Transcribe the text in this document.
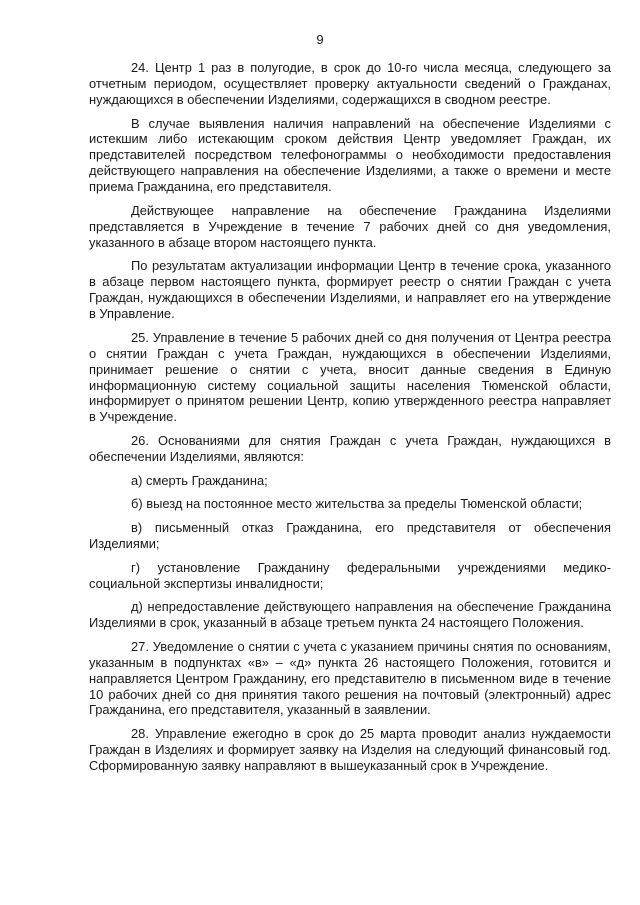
9

24. Центр 1 раз в полугодие, в срок до 10-го числа месяца, следующего за отчетным периодом, осуществляет проверку актуальности сведений о Гражданах, нуждающихся в обеспечении Изделиями, содержащихся в сводном реестре.

В случае выявления наличия направлений на обеспечение Изделиями с истекшим либо истекающим сроком действия Центр уведомляет Граждан, их представителей посредством телефонограммы о необходимости предоставления действующего направления на обеспечение Изделиями, а также о времени и месте приема Гражданина, его представителя.

Действующее направление на обеспечение Гражданина Изделиями представляется в Учреждение в течение 7 рабочих дней со дня уведомления, указанного в абзаце втором настоящего пункта.

По результатам актуализации информации Центр в течение срока, указанного в абзаце первом настоящего пункта, формирует реестр о снятии Граждан с учета Граждан, нуждающихся в обеспечении Изделиями, и направляет его на утверждение в Управление.

25. Управление в течение 5 рабочих дней со дня получения от Центра реестра о снятии Граждан с учета Граждан, нуждающихся в обеспечении Изделиями, принимает решение о снятии с учета, вносит данные сведения в Единую информационную систему социальной защиты населения Тюменской области, информирует о принятом решении Центр, копию утвержденного реестра направляет в Учреждение.

26. Основаниями для снятия Граждан с учета Граждан, нуждающихся в обеспечении Изделиями, являются:

а) смерть Гражданина;

б) выезд на постоянное место жительства за пределы Тюменской области;

в) письменный отказ Гражданина, его представителя от обеспечения Изделиями;

г) установление Гражданину федеральными учреждениями медико-социальной экспертизы инвалидности;

д) непредоставление действующего направления на обеспечение Гражданина Изделиями в срок, указанный в абзаце третьем пункта 24 настоящего Положения.

27. Уведомление о снятии с учета с указанием причины снятия по основаниям, указанным в подпунктах «в» – «д» пункта 26 настоящего Положения, готовится и направляется Центром Гражданину, его представителю в письменном виде в течение 10 рабочих дней со дня принятия такого решения на почтовый (электронный) адрес Гражданина, его представителя, указанный в заявлении.

28. Управление ежегодно в срок до 25 марта проводит анализ нуждаемости Граждан в Изделиях и формирует заявку на Изделия на следующий финансовый год. Сформированную заявку направляют в вышеуказанный срок в Учреждение.
